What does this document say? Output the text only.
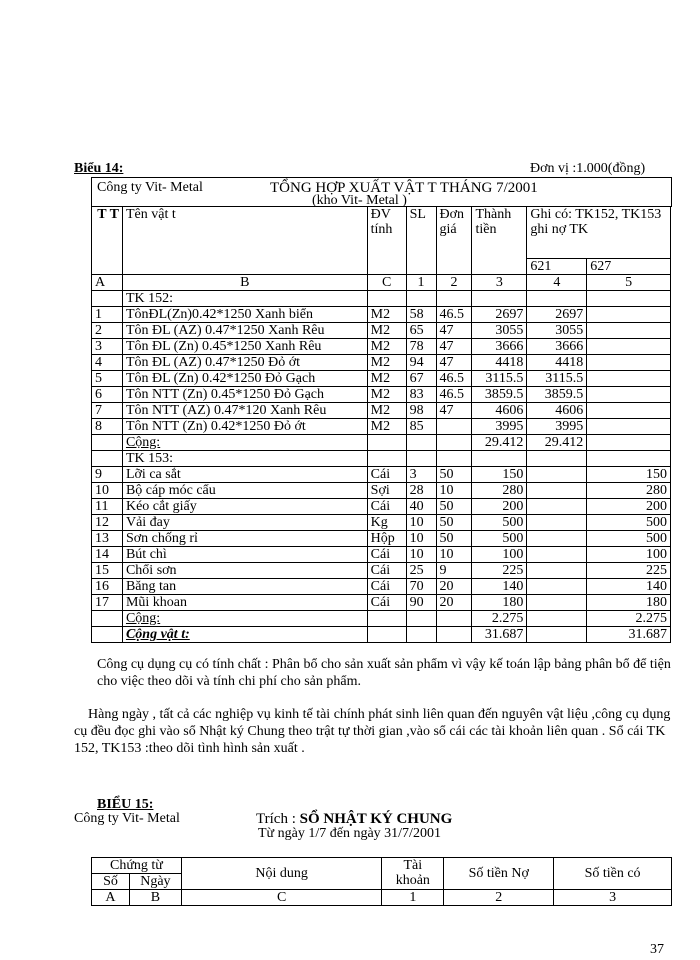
Biểu 14:	Đơn vị :1.000(đồng)
Công ty Vit- Metal	TỔNG HỢP XUẤT VẬT T THÁNG 7/2001
(kho Vit- Metal )
T T	Tên vật t	ĐV tính	SL	Đơn giá	Thành tiền	Ghi có: TK152, TK153 ghi nợ TK	
						621	627
A	B	C	1	2	3	4	5
	TK 152:						
1	TônĐL(Zn)0.42*1250 Xanh biển	M2	58	46.5	2697	2697	
2	Tôn ĐL (AZ) 0.47*1250 Xanh Rêu	M2	65	47	3055	3055	
3	Tôn ĐL (Zn) 0.45*1250 Xanh Rêu	M2	78	47	3666	3666	
4	Tôn ĐL (AZ) 0.47*1250 Đỏ ớt	M2	94	47	4418	4418	
5	Tôn ĐL (Zn) 0.42*1250 Đỏ Gạch	M2	67	46.5	3115.5	3115.5	
6	Tôn NTT (Zn) 0.45*1250 Đỏ Gạch	M2	83	46.5	3859.5	3859.5	
7	Tôn NTT (AZ) 0.47*120 Xanh Rêu	M2	98	47	4606	4606	
8	Tôn NTT (Zn) 0.42*1250 Đỏ ớt	M2	85		3995	3995	
	Cộng:				29.412	29.412	
	TK 153:						
9	Lỡi ca sắt	Cái	3	50	150		150
10	Bộ cáp móc cẩu	Sợi	28	10	280		280
11	Kéo cắt giấy	Cái	40	50	200		200
12	Vải đay	Kg	10	50	500		500
13	Sơn chống rỉ	Hộp	10	50	500		500
14	Bút chì	Cái	10	10	100		100
15	Chổi sơn	Cái	25	9	225		225
16	Băng tan	Cái	70	20	140		140
17	Mũi khoan	Cái	90	20	180		180
	Cộng:				2.275		2.275
	Cộng vật t:				31.687		31.687
Công cụ dụng cụ có tính chất : Phân bổ cho sản xuất sản phẩm vì vậy kế toán lập bảng phân bổ để tiện cho việc theo dõi và tính chi phí cho sản phẩm.
Hàng ngày , tất cả các nghiệp vụ kinh tế tài chính phát sinh liên quan đến nguyên vật liệu ,công cụ dụng cụ đều đọc ghi vào sổ Nhật ký Chung theo trật tự thời gian ,vào sổ cái các tài khoản liên quan . Sổ cái TK 152, TK153 :theo dõi tình hình sản xuất .
BIỂU 15:
Công ty Vit- Metal	Trích : SỔ NHẬT KÝ CHUNG
Từ ngày 1/7 đến ngày 31/7/2001
Chứng từ		Nội dung	Tài khoản	Số tiền Nợ	Số tiền có
Số	Ngày				
A	B	C	1	2	3
37
